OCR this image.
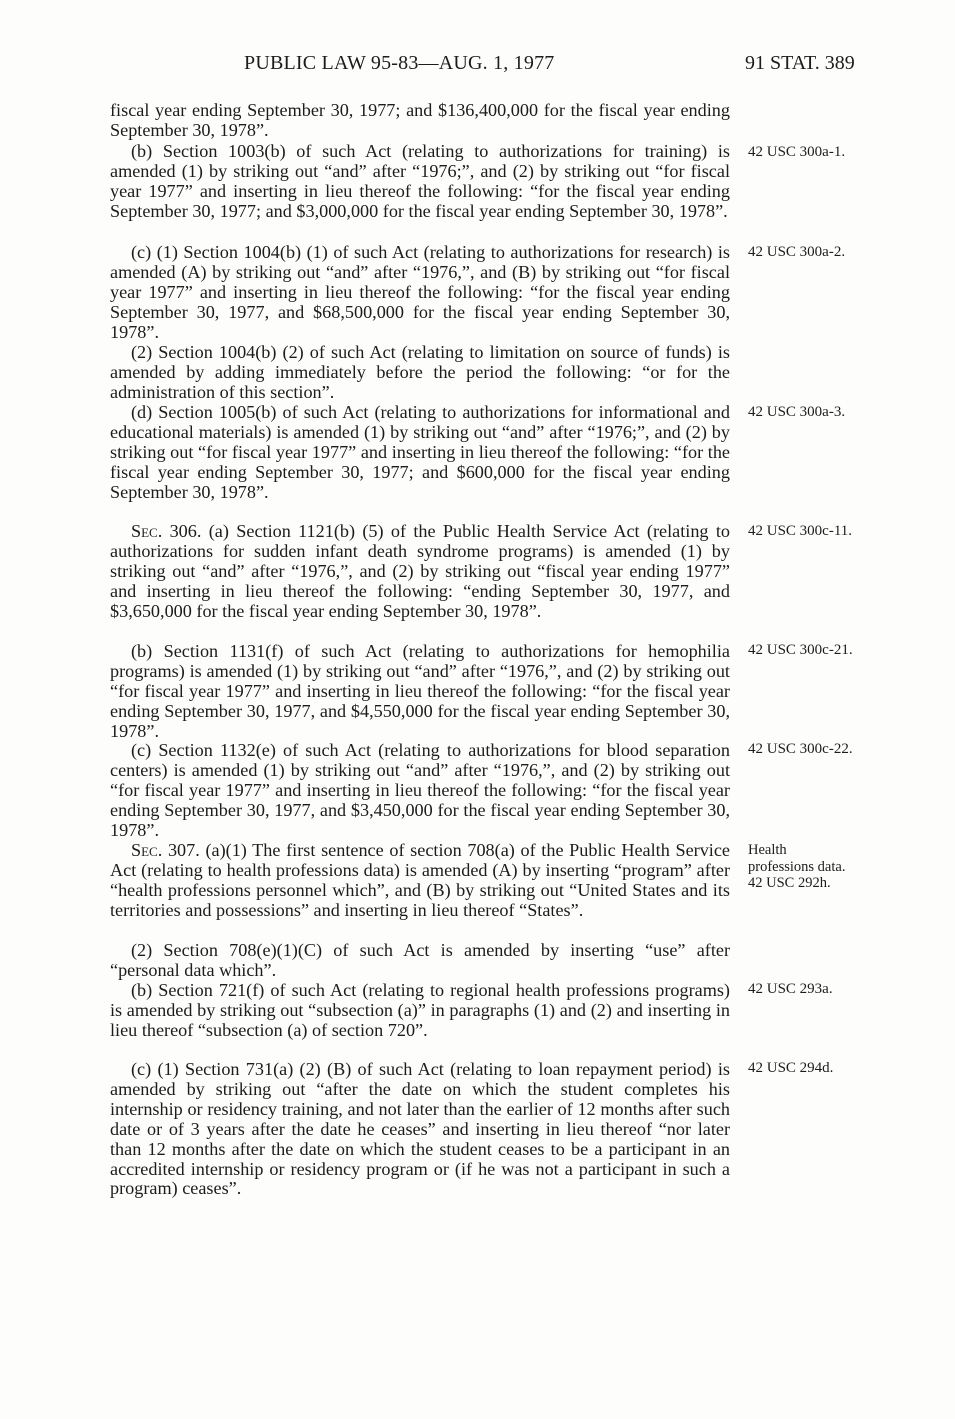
PUBLIC LAW 95-83—AUG. 1, 1977	91 STAT. 389

fiscal year ending September 30, 1977; and $136,400,000 for the fiscal year ending September 30, 1978”.

(b) Section 1003(b) of such Act (relating to authorizations for training) is amended (1) by striking out “and” after “1976;”, and (2) by striking out “for fiscal year 1977” and inserting in lieu thereof the following: “for the fiscal year ending September 30, 1977; and $3,000,000 for the fiscal year ending September 30, 1978”.

(c) (1) Section 1004(b) (1) of such Act (relating to authorizations for research) is amended (A) by striking out “and” after “1976,”, and (B) by striking out “for fiscal year 1977” and inserting in lieu thereof the following: “for the fiscal year ending September 30, 1977, and $68,500,000 for the fiscal year ending September 30, 1978”.

(2) Section 1004(b) (2) of such Act (relating to limitation on source of funds) is amended by adding immediately before the period the following: “or for the administration of this section”.

(d) Section 1005(b) of such Act (relating to authorizations for informational and educational materials) is amended (1) by striking out “and” after “1976;”, and (2) by striking out “for fiscal year 1977” and inserting in lieu thereof the following: “for the fiscal year ending September 30, 1977; and $600,000 for the fiscal year ending September 30, 1978”.

Sec. 306. (a) Section 1121(b) (5) of the Public Health Service Act (relating to authorizations for sudden infant death syndrome programs) is amended (1) by striking out “and” after “1976,”, and (2) by striking out “fiscal year ending 1977” and inserting in lieu thereof the following: “ending September 30, 1977, and $3,650,000 for the fiscal year ending September 30, 1978”.

(b) Section 1131(f) of such Act (relating to authorizations for hemophilia programs) is amended (1) by striking out “and” after “1976,”, and (2) by striking out “for fiscal year 1977” and inserting in lieu thereof the following: “for the fiscal year ending September 30, 1977, and $4,550,000 for the fiscal year ending September 30, 1978”.

(c) Section 1132(e) of such Act (relating to authorizations for blood separation centers) is amended (1) by striking out “and” after “1976,”, and (2) by striking out “for fiscal year 1977” and inserting in lieu thereof the following: “for the fiscal year ending September 30, 1977, and $3,450,000 for the fiscal year ending September 30, 1978”.

Sec. 307. (a)(1) The first sentence of section 708(a) of the Public Health Service Act (relating to health professions data) is amended (A) by inserting “program” after “health professions personnel which”, and (B) by striking out “United States and its territories and possessions” and inserting in lieu thereof “States”.

(2) Section 708(e)(1)(C) of such Act is amended by inserting “use” after “personal data which”.

(b) Section 721(f) of such Act (relating to regional health professions programs) is amended by striking out “subsection (a)” in paragraphs (1) and (2) and inserting in lieu thereof “subsection (a) of section 720”.

(c) (1) Section 731(a) (2) (B) of such Act (relating to loan repayment period) is amended by striking out “after the date on which the student completes his internship or residency training, and not later than the earlier of 12 months after such date or of 3 years after the date he ceases” and inserting in lieu thereof “nor later than 12 months after the date on which the student ceases to be a participant in an accredited internship or residency program or (if he was not a participant in such a program) ceases”.

42 USC 300a-1.
42 USC 300a-2.
42 USC 300a-3.
42 USC 300c-11.
42 USC 300c-21.
42 USC 300c-22.
Health
professions data.
42 USC 292h.
42 USC 293a.
42 USC 294d.
